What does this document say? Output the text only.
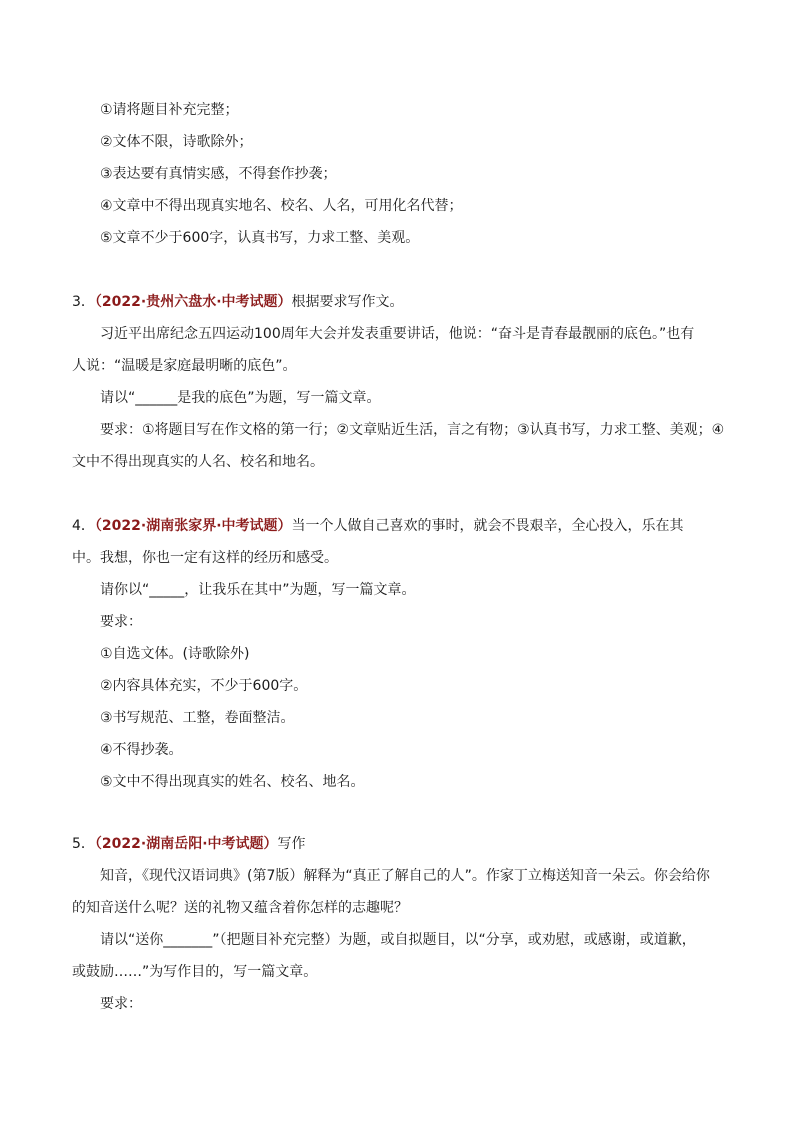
①请将题目补充完整；
②文体不限，诗歌除外；
③表达要有真情实感，不得套作抄袭；
④文章中不得出现真实地名、校名、人名，可用化名代替；
⑤文章不少于600字，认真书写，力求工整、美观。
3．（2022·贵州六盘水·中考试题）根据要求写作文。
习近平出席纪念五四运动100周年大会并发表重要讲话，他说：“奋斗是青春最靓丽的底色。”也有
人说：“温暖是家庭最明晰的底色”。
请以“______是我的底色”为题，写一篇文章。
要求：①将题目写在作文格的第一行；②文章贴近生活，言之有物；③认真书写，力求工整、美观；④
文中不得出现真实的人名、校名和地名。
4．（2022·湖南张家界·中考试题）当一个人做自己喜欢的事时，就会不畏艰辛，全心投入，乐在其
中。我想，你也一定有这样的经历和感受。
请你以“_____，让我乐在其中”为题，写一篇文章。
要求：
①自选文体。(诗歌除外)
②内容具体充实，不少于600字。
③书写规范、工整，卷面整洁。
④不得抄袭。
⑤文中不得出现真实的姓名、校名、地名。
5．（2022·湖南岳阳·中考试题）写作
知音，《现代汉语词典》(第7版）解释为“真正了解自己的人”。作家丁立梅送知音一朵云。你会给你
的知音送什么呢？送的礼物又蕴含着你怎样的志趣呢？
请以“送你_______”（把题目补充完整）为题，或自拟题目，以“分享，或劝慰，或感谢，或道歉，
或鼓励……”为写作目的，写一篇文章。
要求：
